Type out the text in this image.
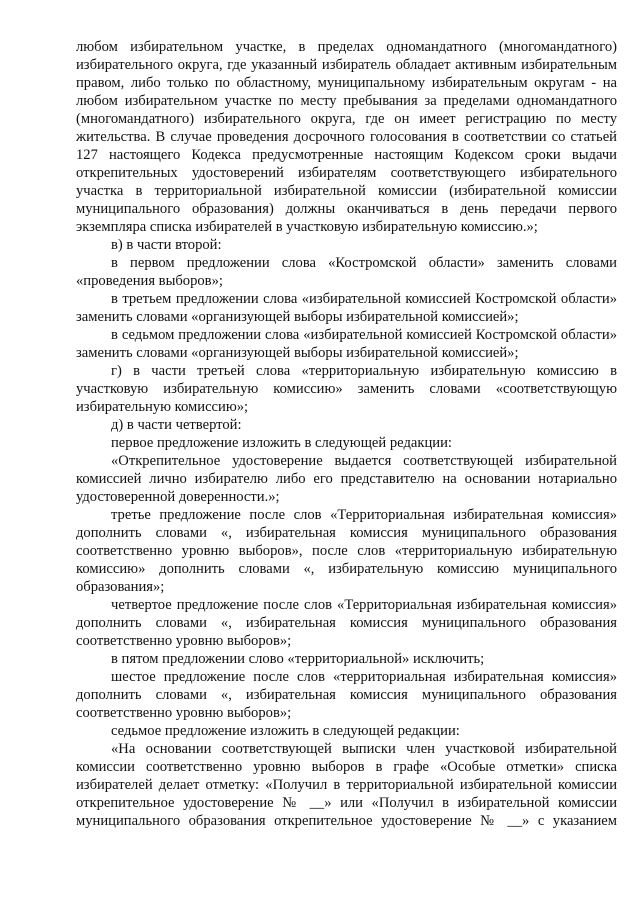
любом избирательном участке, в пределах одномандатного (многомандатного) избирательного округа, где указанный избиратель обладает активным избирательным правом, либо только по областному, муниципальному избирательным округам - на любом избирательном участке по месту пребывания за пределами одномандатного (многомандатного) избирательного округа, где он имеет регистрацию по месту жительства. В случае проведения досрочного голосования в соответствии со статьей 127 настоящего Кодекса предусмотренные настоящим Кодексом сроки выдачи открепительных удостоверений избирателям соответствующего избирательного участка в территориальной избирательной комиссии (избирательной комиссии муниципального образования) должны оканчиваться в день передачи первого экземпляра списка избирателей в участковую избирательную комиссию.»;

в) в части второй:

в первом предложении слова «Костромской области» заменить словами «проведения выборов»;

в третьем предложении слова «избирательной комиссией Костромской области» заменить словами «организующей выборы избирательной комиссией»;

в седьмом предложении слова «избирательной комиссией Костромской области» заменить словами «организующей выборы избирательной комиссией»;

г) в части третьей слова «территориальную избирательную комиссию в участковую избирательную комиссию» заменить словами «соответствующую избирательную комиссию»;

д) в части четвертой:

первое предложение изложить в следующей редакции:

«Открепительное удостоверение выдается соответствующей избирательной комиссией лично избирателю либо его представителю на основании нотариально удостоверенной доверенности.»;

третье предложение после слов «Территориальная избирательная комиссия» дополнить словами «, избирательная комиссия муниципального образования соответственно уровню выборов», после слов «территориальную избирательную комиссию» дополнить словами «, избирательную комиссию муниципального образования»;

четвертое предложение после слов «Территориальная избирательная комиссия» дополнить словами «, избирательная комиссия муниципального образования соответственно уровню выборов»;

в пятом предложении слово «территориальной» исключить;

шестое предложение после слов «территориальная избирательная комиссия» дополнить словами «, избирательная комиссия муниципального образования соответственно уровню выборов»;

седьмое предложение изложить в следующей редакции:

«На основании соответствующей выписки член участковой избирательной комиссии соответственно уровню выборов в графе «Особые отметки» списка избирателей делает отметку: «Получил в территориальной избирательной комиссии открепительное удостоверение № __» или «Получил в избирательной комиссии муниципального образования открепительное удостоверение № __» с указанием
